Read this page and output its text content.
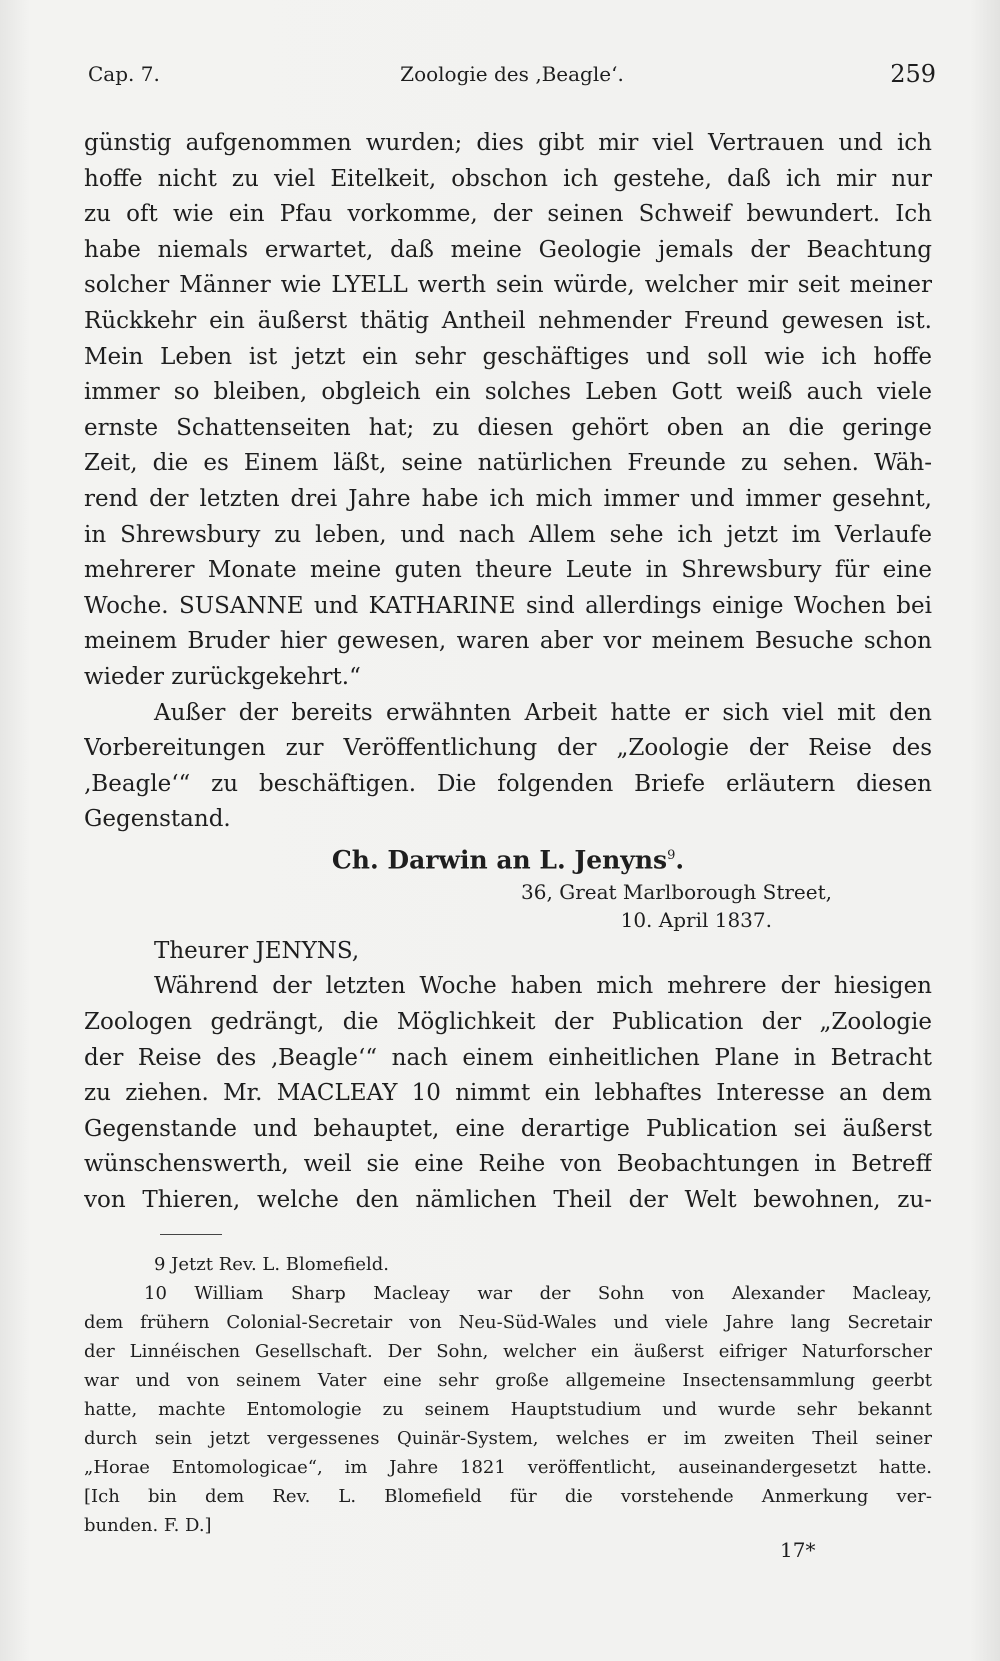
Cap. 7.	Zoologie des ‚Beagle‘.	259
günstig aufgenommen wurden; dies gibt mir viel Vertrauen und ich
hoffe nicht zu viel Eitelkeit, obschon ich gestehe, daß ich mir nur
zu oft wie ein Pfau vorkomme, der seinen Schweif bewundert. Ich
habe niemals erwartet, daß meine Geologie jemals der Beachtung
solcher Männer wie LYELL werth sein würde, welcher mir seit meiner
Rückkehr ein äußerst thätig Antheil nehmender Freund gewesen ist.
Mein Leben ist jetzt ein sehr geschäftiges und soll wie ich hoffe
immer so bleiben, obgleich ein solches Leben Gott weiß auch viele
ernste Schattenseiten hat; zu diesen gehört oben an die geringe
Zeit, die es Einem läßt, seine natürlichen Freunde zu sehen. Wäh-
rend der letzten drei Jahre habe ich mich immer und immer gesehnt,
in Shrewsbury zu leben, und nach Allem sehe ich jetzt im Verlaufe
mehrerer Monate meine guten theure Leute in Shrewsbury für eine
Woche. SUSANNE und KATHARINE sind allerdings einige Wochen bei
meinem Bruder hier gewesen, waren aber vor meinem Besuche schon
wieder zurückgekehrt.“
Außer der bereits erwähnten Arbeit hatte er sich viel mit den
Vorbereitungen zur Veröffentlichung der „Zoologie der Reise des
‚Beagle‘“ zu beschäftigen. Die folgenden Briefe erläutern diesen
Gegenstand.
Ch. Darwin an L. Jenyns$^9$.
36, Great Marlborough Street,
10. April 1837.
Theurer JENYNS,
Während der letzten Woche haben mich mehrere der hiesigen
Zoologen gedrängt, die Möglichkeit der Publication der „Zoologie
der Reise des ‚Beagle‘“ nach einem einheitlichen Plane in Betracht
zu ziehen. Mr. MACLEAY 10 nimmt ein lebhaftes Interesse an dem
Gegenstande und behauptet, eine derartige Publication sei äußerst
wünschenswerth, weil sie eine Reihe von Beobachtungen in Betreff
von Thieren, welche den nämlichen Theil der Welt bewohnen, zu-
9 Jetzt Rev. L. Blomefield.
10 William Sharp Macleay war der Sohn von Alexander Macleay,
dem frühern Colonial-Secretair von Neu-Süd-Wales und viele Jahre lang Secretair
der Linnéischen Gesellschaft. Der Sohn, welcher ein äußerst eifriger Naturforscher
war und von seinem Vater eine sehr große allgemeine Insectensammlung geerbt
hatte, machte Entomologie zu seinem Hauptstudium und wurde sehr bekannt
durch sein jetzt vergessenes Quinär-System, welches er im zweiten Theil seiner
„Horae Entomologicae“, im Jahre 1821 veröffentlicht, auseinandergesetzt hatte.
[Ich bin dem Rev. L. Blomefield für die vorstehende Anmerkung ver-
bunden. F. D.]
17*
